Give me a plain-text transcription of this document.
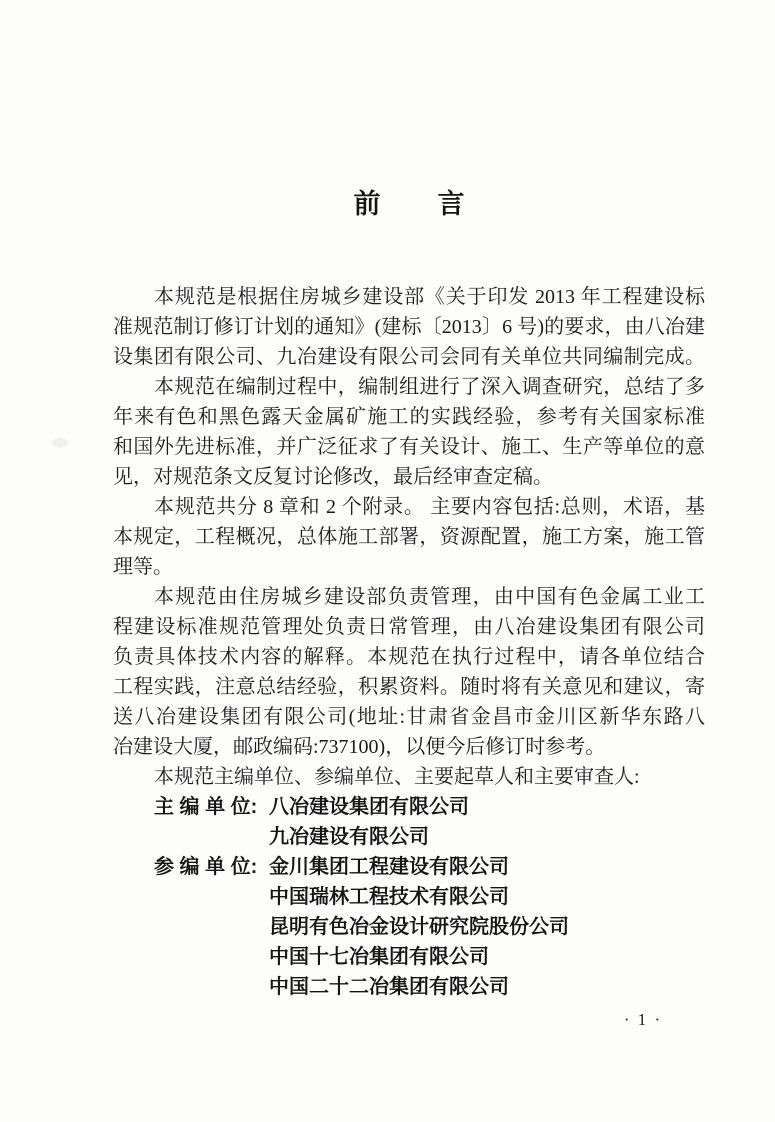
前 言
本规范是根据住房城乡建设部《关于印发 2013 年工程建设标
准规范制订修订计划的通知》(建标〔2013〕6 号)的要求，由八冶建
设集团有限公司、九冶建设有限公司会同有关单位共同编制完成。
本规范在编制过程中，编制组进行了深入调查研究，总结了多
年来有色和黑色露天金属矿施工的实践经验，参考有关国家标准
和国外先进标准，并广泛征求了有关设计、施工、生产等单位的意
见，对规范条文反复讨论修改，最后经审查定稿。
本规范共分 8 章和 2 个附录。 主要内容包括:总则，术语，基
本规定，工程概况，总体施工部署，资源配置，施工方案，施工管
理等。
本规范由住房城乡建设部负责管理，由中国有色金属工业工
程建设标准规范管理处负责日常管理，由八冶建设集团有限公司
负责具体技术内容的解释。本规范在执行过程中，请各单位结合
工程实践，注意总结经验，积累资料。随时将有关意见和建议，寄
送八冶建设集团有限公司(地址:甘肃省金昌市金川区新华东路八
冶建设大厦，邮政编码:737100)，以便今后修订时参考。
本规范主编单位、参编单位、主要起草人和主要审查人:
主 编 单 位: 八冶建设集团有限公司
九冶建设有限公司
参 编 单 位: 金川集团工程建设有限公司
中国瑞林工程技术有限公司
昆明有色冶金设计研究院股份公司
中国十七冶集团有限公司
中国二十二冶集团有限公司
· 1 ·
